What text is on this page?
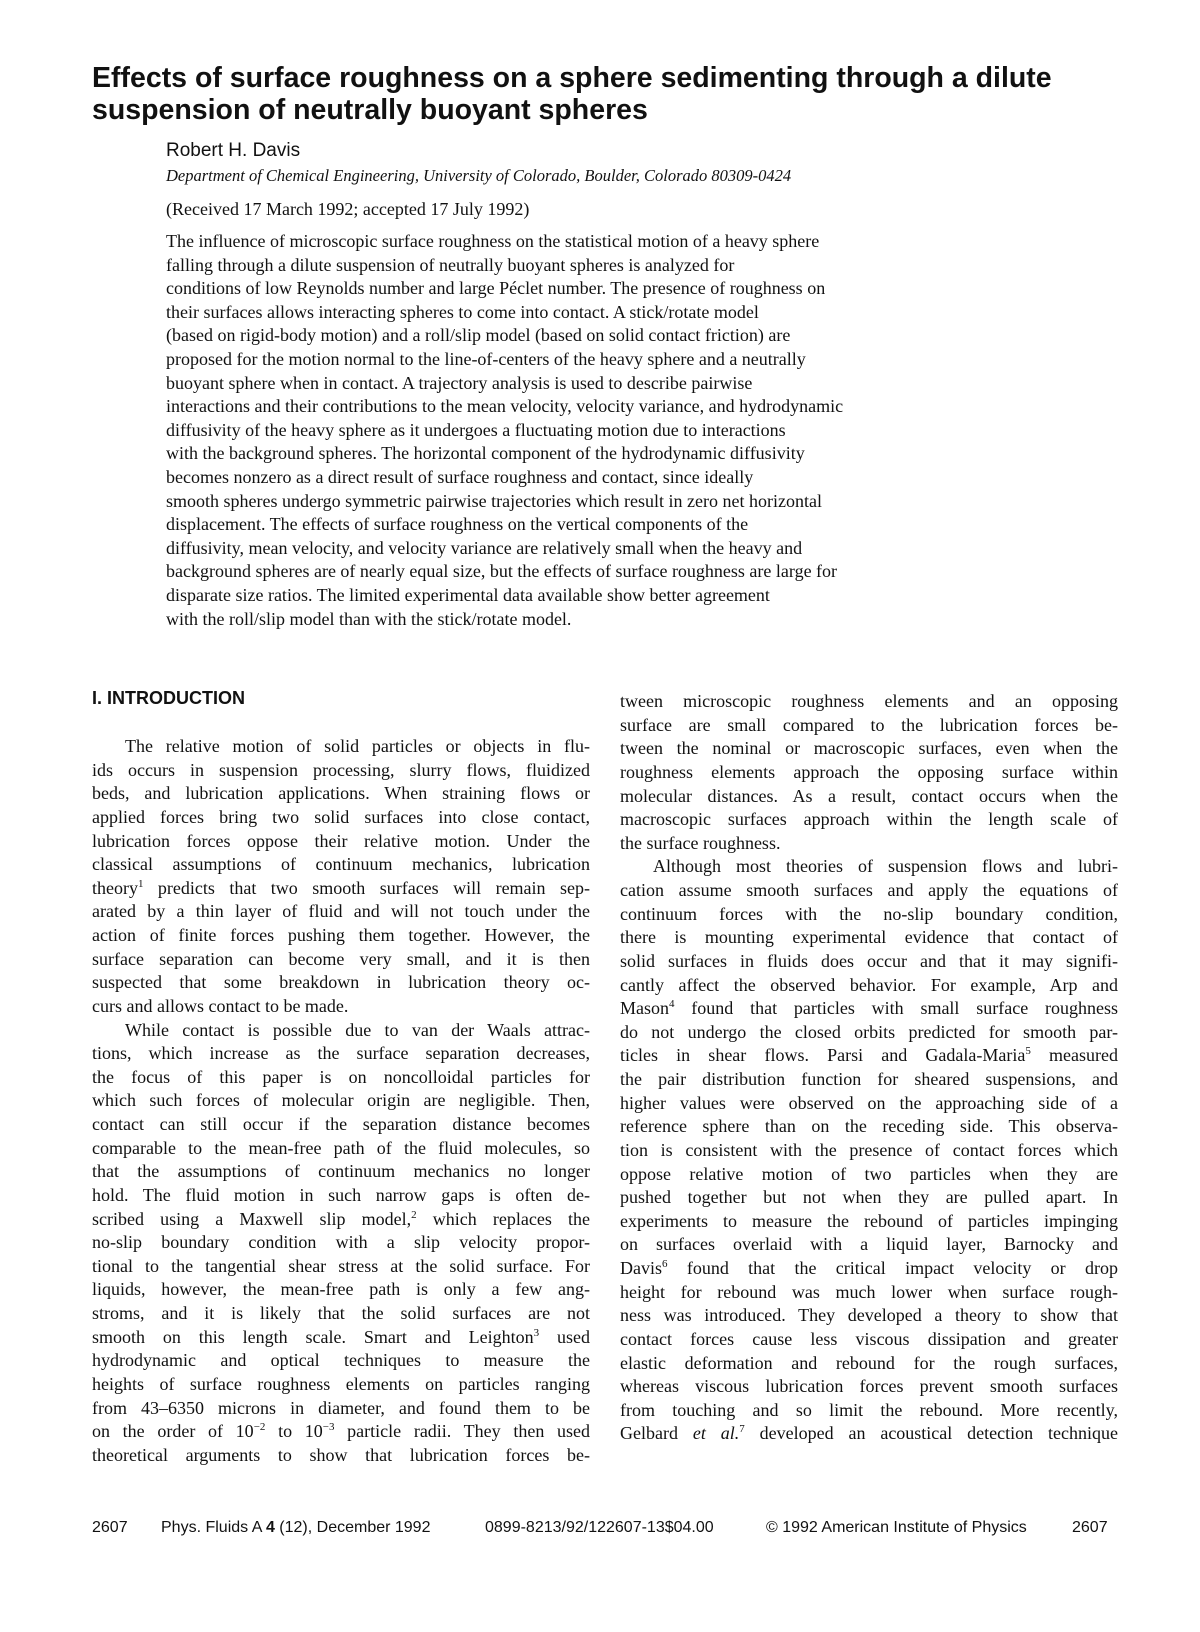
Effects of surface roughness on a sphere sedimenting through a dilute suspension of neutrally buoyant spheres
Robert H. Davis
Department of Chemical Engineering, University of Colorado, Boulder, Colorado 80309-0424
(Received 17 March 1992; accepted 17 July 1992)
The influence of microscopic surface roughness on the statistical motion of a heavy sphere
falling through a dilute suspension of neutrally buoyant spheres is analyzed for
conditions of low Reynolds number and large Péclet number. The presence of roughness on
their surfaces allows interacting spheres to come into contact. A stick/rotate model
(based on rigid-body motion) and a roll/slip model (based on solid contact friction) are
proposed for the motion normal to the line-of-centers of the heavy sphere and a neutrally
buoyant sphere when in contact. A trajectory analysis is used to describe pairwise
interactions and their contributions to the mean velocity, velocity variance, and hydrodynamic
diffusivity of the heavy sphere as it undergoes a fluctuating motion due to interactions
with the background spheres. The horizontal component of the hydrodynamic diffusivity
becomes nonzero as a direct result of surface roughness and contact, since ideally
smooth spheres undergo symmetric pairwise trajectories which result in zero net horizontal
displacement. The effects of surface roughness on the vertical components of the
diffusivity, mean velocity, and velocity variance are relatively small when the heavy and
background spheres are of nearly equal size, but the effects of surface roughness are large for
disparate size ratios. The limited experimental data available show better agreement
with the roll/slip model than with the stick/rotate model.
I. INTRODUCTION
The relative motion of solid particles or objects in flu-
ids occurs in suspension processing, slurry flows, fluidized
beds, and lubrication applications. When straining flows or
applied forces bring two solid surfaces into close contact,
lubrication forces oppose their relative motion. Under the
classical assumptions of continuum mechanics, lubrication
theory$^1$ predicts that two smooth surfaces will remain sep-
arated by a thin layer of fluid and will not touch under the
action of finite forces pushing them together. However, the
surface separation can become very small, and it is then
suspected that some breakdown in lubrication theory oc-
curs and allows contact to be made.
While contact is possible due to van der Waals attrac-
tions, which increase as the surface separation decreases,
the focus of this paper is on noncolloidal particles for
which such forces of molecular origin are negligible. Then,
contact can still occur if the separation distance becomes
comparable to the mean-free path of the fluid molecules, so
that the assumptions of continuum mechanics no longer
hold. The fluid motion in such narrow gaps is often de-
scribed using a Maxwell slip model,$^2$ which replaces the
no-slip boundary condition with a slip velocity propor-
tional to the tangential shear stress at the solid surface. For
liquids, however, the mean-free path is only a few ang-
stroms, and it is likely that the solid surfaces are not
smooth on this length scale. Smart and Leighton$^3$ used
hydrodynamic and optical techniques to measure the
heights of surface roughness elements on particles ranging
from 43–6350 microns in diameter, and found them to be
on the order of $10^{-2}$ to $10^{-3}$ particle radii. They then used
theoretical arguments to show that lubrication forces be-
tween microscopic roughness elements and an opposing
surface are small compared to the lubrication forces be-
tween the nominal or macroscopic surfaces, even when the
roughness elements approach the opposing surface within
molecular distances. As a result, contact occurs when the
macroscopic surfaces approach within the length scale of
the surface roughness.
Although most theories of suspension flows and lubri-
cation assume smooth surfaces and apply the equations of
continuum forces with the no-slip boundary condition,
there is mounting experimental evidence that contact of
solid surfaces in fluids does occur and that it may signifi-
cantly affect the observed behavior. For example, Arp and
Mason$^4$ found that particles with small surface roughness
do not undergo the closed orbits predicted for smooth par-
ticles in shear flows. Parsi and Gadala-Maria$^5$ measured
the pair distribution function for sheared suspensions, and
higher values were observed on the approaching side of a
reference sphere than on the receding side. This observa-
tion is consistent with the presence of contact forces which
oppose relative motion of two particles when they are
pushed together but not when they are pulled apart. In
experiments to measure the rebound of particles impinging
on surfaces overlaid with a liquid layer, Barnocky and
Davis$^6$ found that the critical impact velocity or drop
height for rebound was much lower when surface rough-
ness was introduced. They developed a theory to show that
contact forces cause less viscous dissipation and greater
elastic deformation and rebound for the rough surfaces,
whereas viscous lubrication forces prevent smooth surfaces
from touching and so limit the rebound. More recently,
Gelbard et al.$^7$ developed an acoustical detection technique
2607 Phys. Fluids A 4 (12), December 1992	0899-8213/92/122607-13$04.00	© 1992 American Institute of Physics	2607
